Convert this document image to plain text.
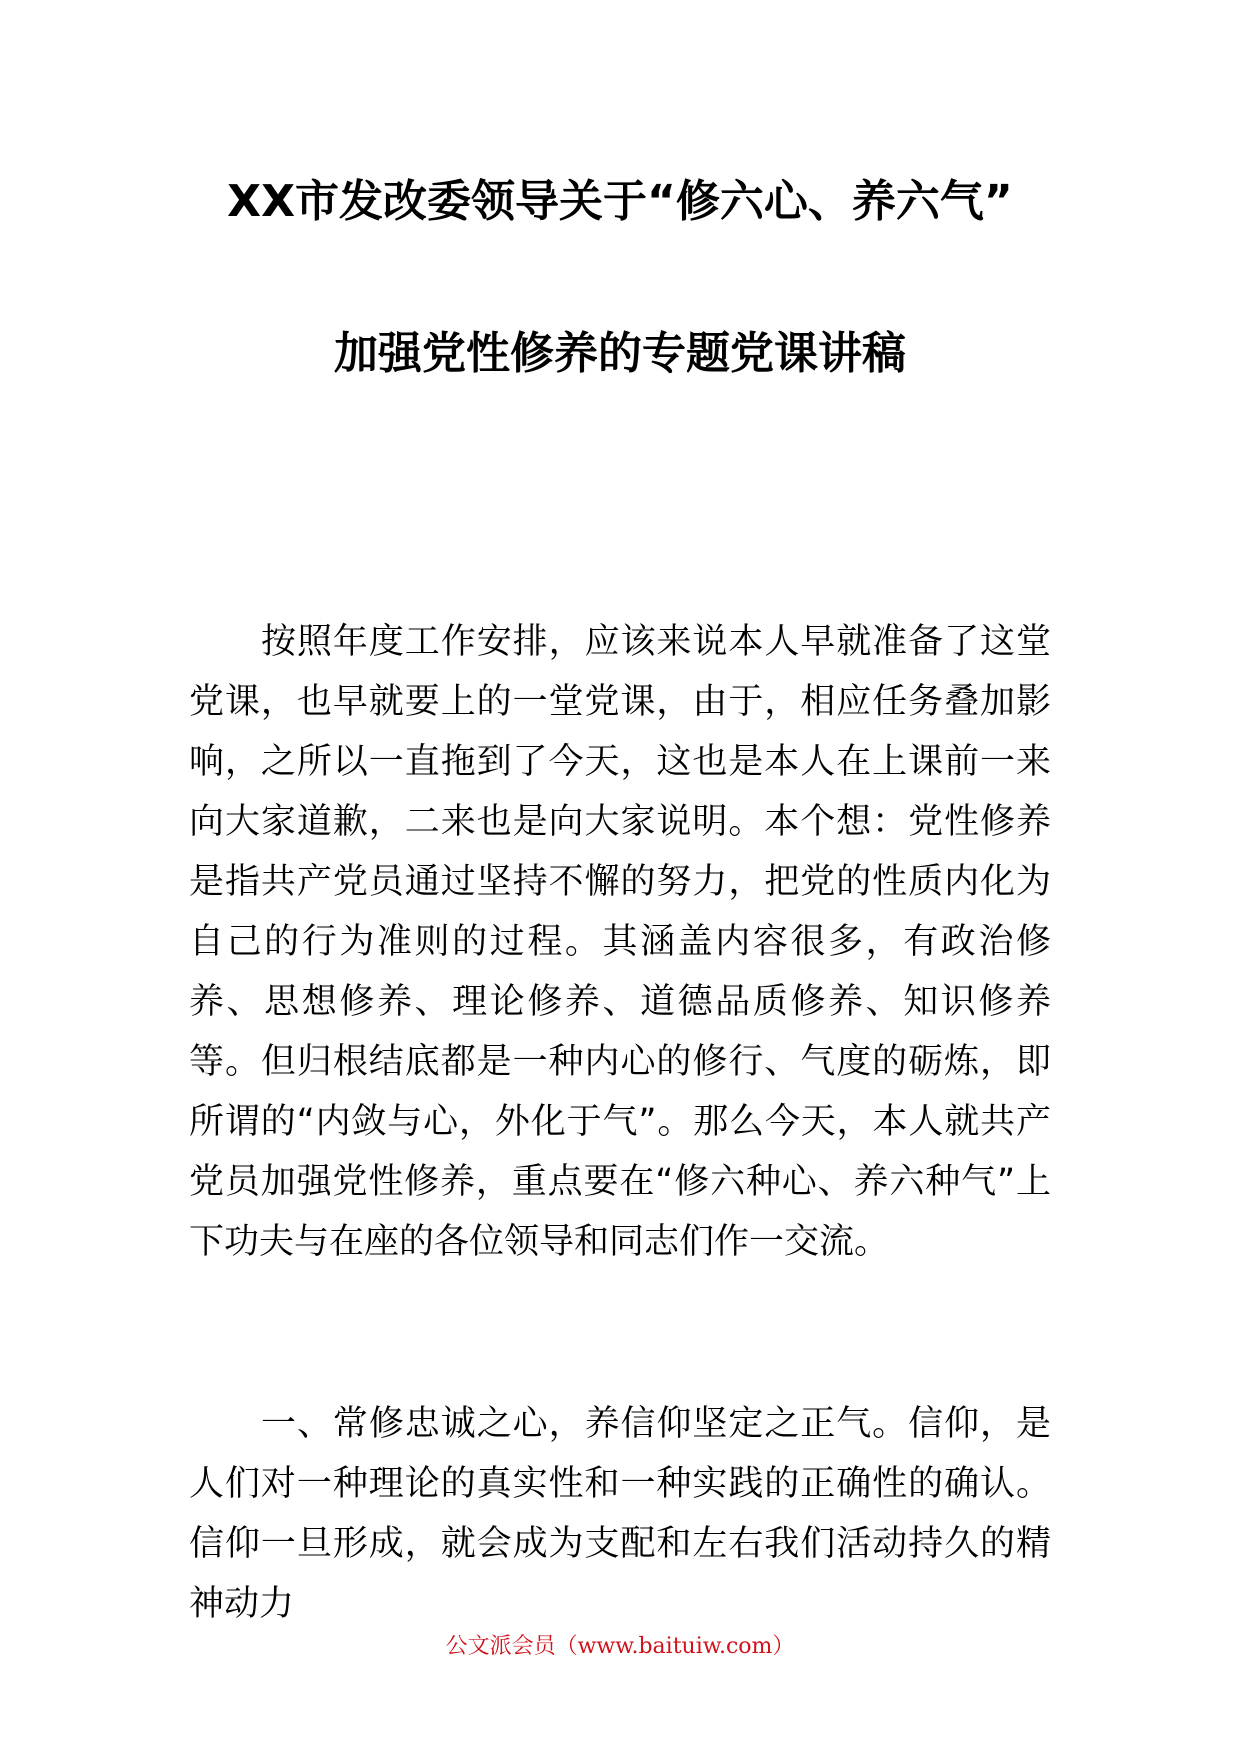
XX市发改委领导关于“修六心、养六气”
加强党性修养的专题党课讲稿

按照年度工作安排，应该来说本人早就准备了这堂党课，也早就要上的一堂党课，由于，相应任务叠加影响，之所以一直拖到了今天，这也是本人在上课前一来向大家道歉，二来也是向大家说明。本个想：党性修养是指共产党员通过坚持不懈的努力，把党的性质内化为自己的行为准则的过程。其涵盖内容很多，有政治修养、思想修养、理论修养、道德品质修养、知识修养等。但归根结底都是一种内心的修行、气度的砺炼，即所谓的“内敛与心，外化于气”。那么今天，本人就共产党员加强党性修养，重点要在“修六种心、养六种气”上下功夫与在座的各位领导和同志们作一交流。

一、常修忠诚之心，养信仰坚定之正气。信仰，是人们对一种理论的真实性和一种实践的正确性的确认。信仰一旦形成，就会成为支配和左右我们活动持久的精神动力

公文派会员（www.baituiw.com）
